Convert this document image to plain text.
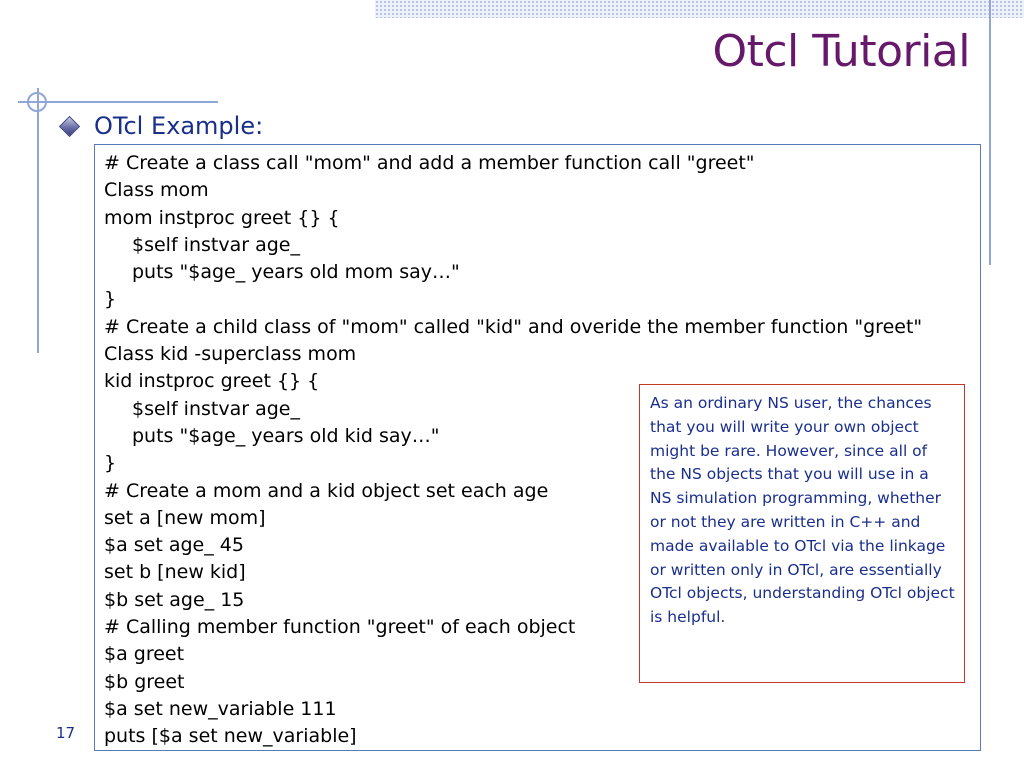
Otcl Tutorial
OTcl Example:
# Create a class call "mom" and add a member function call "greet"
Class mom
mom instproc greet {} {
$self instvar age_
puts "$age_ years old mom say…"
}
# Create a child class of "mom" called "kid" and overide the member function "greet"
Class kid -superclass mom
kid instproc greet {} {
$self instvar age_
puts "$age_ years old kid say…"
}
# Create a mom and a kid object set each age
set a [new mom]
$a set age_ 45
set b [new kid]
$b set age_ 15
# Calling member function "greet" of each object
$a greet
$b greet
$a set new_variable 111
puts [$a set new_variable]

As an ordinary NS user, the chances that you will write your own object might be rare. However, since all of the NS objects that you will use in a NS simulation programming, whether or not they are written in C++ and made available to OTcl via the linkage or written only in OTcl, are essentially OTcl objects, understanding OTcl object is helpful.

17
